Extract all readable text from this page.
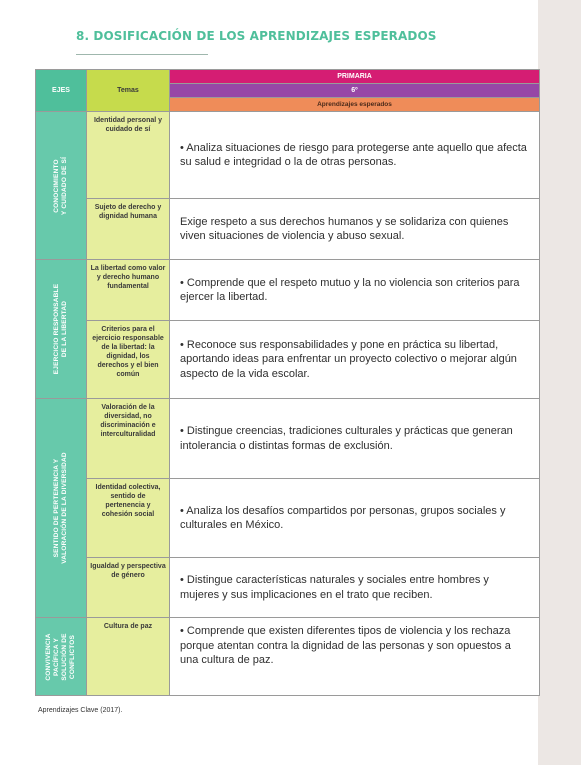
8. DOSIFICACIÓN DE LOS APRENDIZAJES ESPERADOS
EJES	Temas	PRIMARIA
		6º
		Aprendizajes esperados

CONOCIMIENTO Y CUIDADO DE SÍ	Identidad personal y cuidado de sí	• Analiza situaciones de riesgo para protegerse ante aquello que afecta su salud e integridad o la de otras personas.
	Sujeto de derecho y dignidad humana	Exige respeto a sus derechos humanos y se solidariza con quienes viven situaciones de violencia y abuso sexual.

EJERCICIO RESPONSABLE DE LA LIBERTAD	La libertad como valor y derecho humano fundamental	• Comprende que el respeto mutuo y la no violencia son criterios para ejercer la libertad.
	Criterios para el ejercicio responsable de la libertad: la dignidad, los derechos y el bien común	• Reconoce sus responsabilidades y pone en práctica su libertad, aportando ideas para enfrentar un proyecto colectivo o mejorar algún aspecto de la vida escolar.

SENTIDO DE PERTENENCIA Y VALORACIÓN DE LA DIVERSIDAD	Valoración de la diversidad, no discriminación e interculturalidad	• Distingue creencias, tradiciones culturales y prácticas que generan intolerancia o distintas formas de exclusión.
	Identidad colectiva, sentido de pertenencia y cohesión social	• Analiza los desafíos compartidos por personas, grupos sociales y culturales en México.
	Igualdad y perspectiva de género	• Distingue características naturales y sociales entre hombres y mujeres y sus implicaciones en el trato que reciben.

CONVIVENCIA PACÍFICA Y SOLUCIÓN DE CONFLICTOS	Cultura de paz	• Comprende que existen diferentes tipos de violencia y los rechaza porque atentan contra la dignidad de las personas y son opuestos a una cultura de paz.
Aprendizajes Clave (2017).
